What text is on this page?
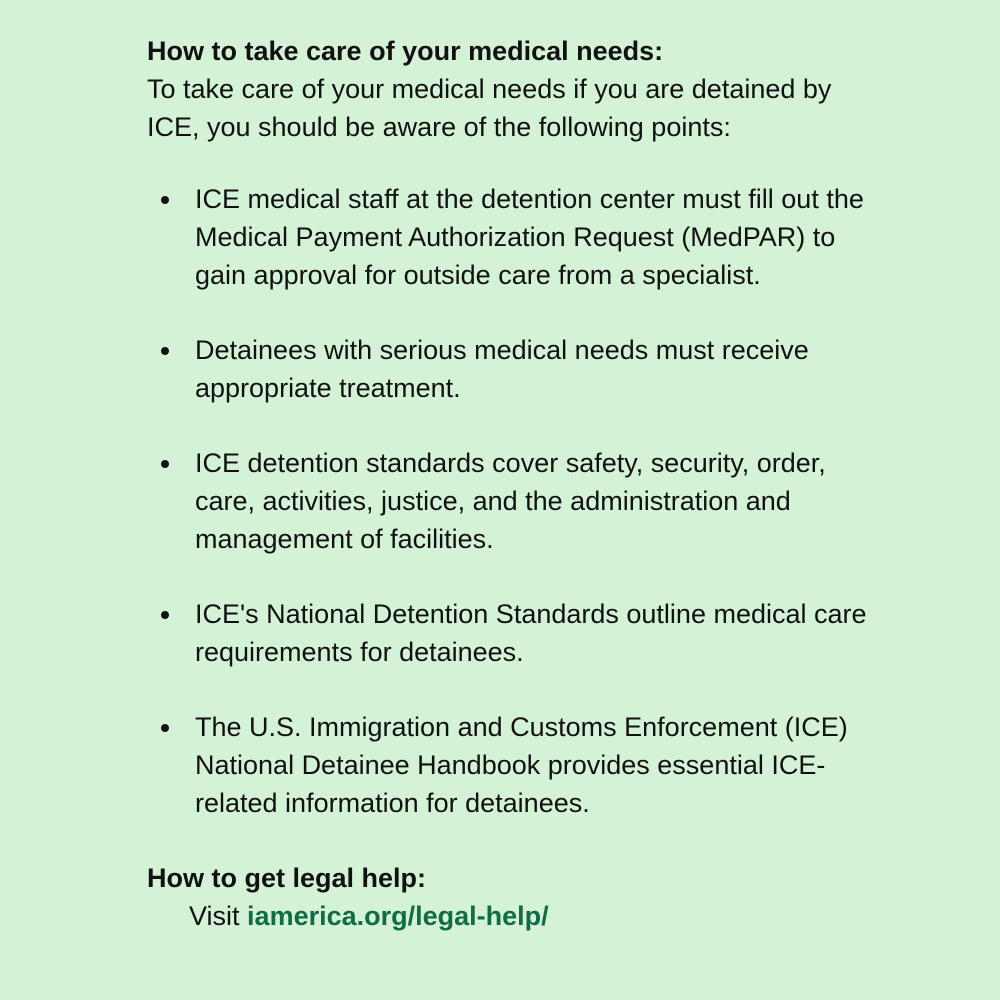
How to take care of your medical needs:

To take care of your medical needs if you are detained by ICE, you should be aware of the following points:

ICE medical staff at the detention center must fill out the Medical Payment Authorization Request (MedPAR) to gain approval for outside care from a specialist.
Detainees with serious medical needs must receive appropriate treatment.
ICE detention standards cover safety, security, order, care, activities, justice, and the administration and management of facilities.
ICE's National Detention Standards outline medical care requirements for detainees.
The U.S. Immigration and Customs Enforcement (ICE) National Detainee Handbook provides essential ICE-related information for detainees.

How to get legal help:

Visit iamerica.org/legal-help/
